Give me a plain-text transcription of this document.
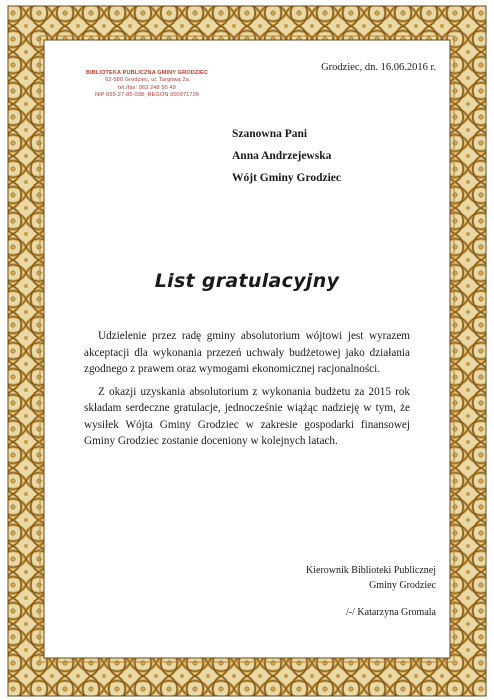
BIBLIOTEKA PUBLICZNA GMINY GRODZIEC
62-580 Grodziec, ul. Targowa 2a
tel./fax: 063 248 50 49
NIP 665-27-85-038; REGON 000971726
Grodziec, dn. 16.06.2016 r.
Szanowna Pani
Anna Andrzejewska
Wójt Gminy Grodziec
List gratulacyjny

Udzielenie przez radę gminy absolutorium wójtowi jest wyrazem akceptacji dla wykonania przezeń uchwały budżetowej jako działania zgodnego z prawem oraz wymogami ekonomicznej racjonalności.

Z okazji uzyskania absolutorium z wykonania budżetu za 2015 rok składam serdeczne gratulacje, jednocześnie wiążąc nadzieję w tym, że wysiłek Wójta Gminy Grodziec w zakresie gospodarki finansowej Gminy Grodziec zostanie doceniony w kolejnych latach.

Kierownik Biblioteki Publicznej
Gminy Grodziec
/-/ Katarzyna Gromala
